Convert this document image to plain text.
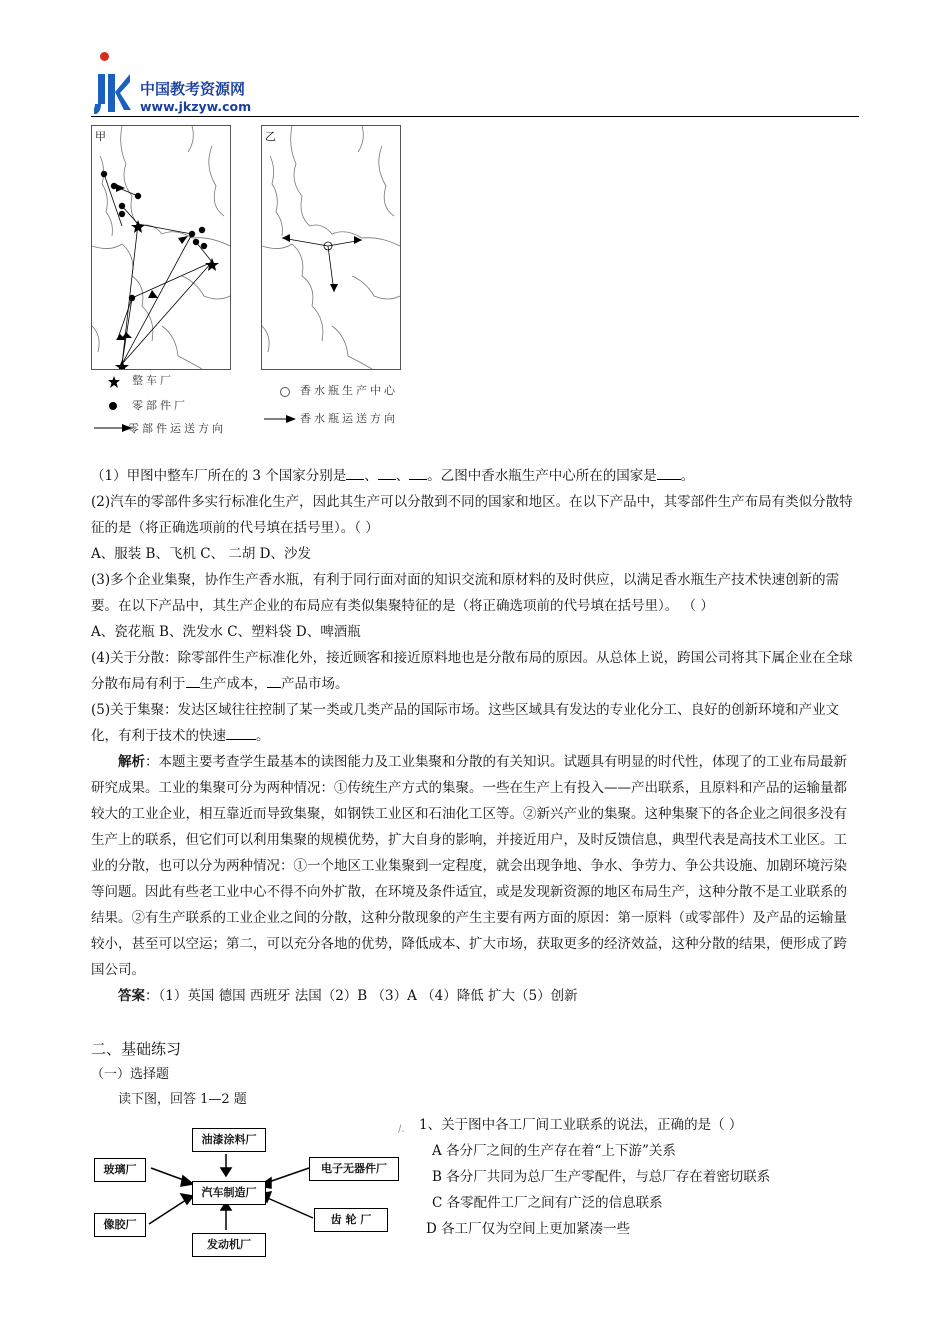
中国教考资源网
www.jkzyw.com
甲	乙
整车厂
零部件厂
零部件运送方向
香水瓶生产中心
香水瓶运送方向
（1）甲图中整车厂所在的 3 个国家分别是 、 、 。乙图中香水瓶生产中心所在的国家是 。
(2)汽车的零部件多实行标准化生产，因此其生产可以分散到不同的国家和地区。在以下产品中，其零部件生产布局有类似分散特征的是（将正确选项前的代号填在括号里）。（ ）
A、服装 B、飞机 C、 二胡 D、沙发
(3)多个企业集聚，协作生产香水瓶，有利于同行面对面的知识交流和原材料的及时供应，以满足香水瓶生产技术快速创新的需要。在以下产品中，其生产企业的布局应有类似集聚特征的是（将正确选项前的代号填在括号里）。 （ ）
A、瓷花瓶 B、洗发水 C、塑料袋 D、啤酒瓶
(4)关于分散：除零部件生产标准化外，接近顾客和接近原料地也是分散布局的原因。从总体上说，跨国公司将其下属企业在全球分散布局有利于 生产成本， 产品市场。
(5)关于集聚：发达区域往往控制了某一类或几类产品的国际市场。这些区域具有发达的专业化分工、良好的创新环境和产业文化，有利于技术的快速 。
解析：本题主要考查学生最基本的读图能力及工业集聚和分散的有关知识。试题具有明显的时代性，体现了的工业布局最新研究成果。工业的集聚可分为两种情况：①传统生产方式的集聚。一些在生产上有投入——产出联系，且原料和产品的运输量都较大的工业企业，相互靠近而导致集聚，如钢铁工业区和石油化工区等。②新兴产业的集聚。这种集聚下的各企业之间很多没有生产上的联系，但它们可以利用集聚的规模优势，扩大自身的影响，并接近用户，及时反馈信息，典型代表是高技术工业区。工业的分散，也可以分为两种情况：①一个地区工业集聚到一定程度，就会出现争地、争水、争劳力、争公共设施、加剧环境污染等问题。因此有些老工业中心不得不向外扩散，在环境及条件适宜，或是发现新资源的地区布局生产，这种分散不是工业联系的结果。②有生产联系的工业企业之间的分散，这种分散现象的产生主要有两方面的原因：第一原料（或零部件）及产品的运输量较小，甚至可以空运；第二，可以充分各地的优势，降低成本、扩大市场，获取更多的经济效益，这种分散的结果，便形成了跨国公司。
答案：（1）英国 德国 西班牙 法国（2）B （3）A （4）降低 扩大（5）创新
二、基础练习
（一）选择题
读下图，回答 1—2 题
油漆涂料厂
玻璃厂
汽车制造厂
电子无器件厂
像胶厂	齿 轮 厂
发动机厂
/. 1、关于图中各工厂间工业联系的说法，正确的是（ ）
A 各分厂之间的生产存在着“上下游”关系
B 各分厂共同为总厂生产零配件，与总厂存在着密切联系
C 各零配件工厂之间有广泛的信息联系
D 各工厂仅为空间上更加紧凑一些
